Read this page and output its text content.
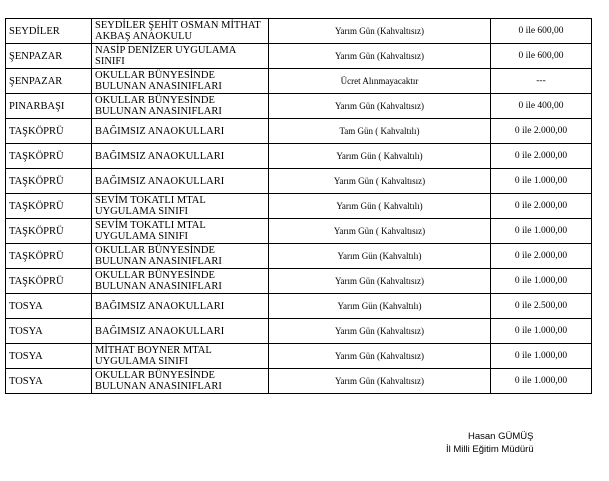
SEYDİLER	SEYDİLER ŞEHİT OSMAN MİTHAT AKBAŞ ANAOKULU	Yarım Gün (Kahvaltısız)	0 ile 600,00
ŞENPAZAR	NASİP DENİZER UYGULAMA SINIFI	Yarım Gün (Kahvaltısız)	0 ile 600,00
ŞENPAZAR	OKULLAR BÜNYESİNDE BULUNAN ANASINIFLARI	Ücret Alınmayacaktır	---
PINARBAŞI	OKULLAR BÜNYESİNDE BULUNAN ANASINIFLARI	Yarım Gün (Kahvaltısız)	0 ile 400,00
TAŞKÖPRÜ	BAĞIMSIZ ANAOKULLARI	Tam Gün ( Kahvaltılı)	0 ile 2.000,00
TAŞKÖPRÜ	BAĞIMSIZ ANAOKULLARI	Yarım Gün ( Kahvaltılı)	0 ile 2.000,00
TAŞKÖPRÜ	BAĞIMSIZ ANAOKULLARI	Yarım Gün ( Kahvaltısız)	0 ile 1.000,00
TAŞKÖPRÜ	SEVİM TOKATLI MTAL UYGULAMA SINIFI	Yarım Gün ( Kahvaltılı)	0 ile 2.000,00
TAŞKÖPRÜ	SEVİM TOKATLI MTAL UYGULAMA SINIFI	Yarım Gün ( Kahvaltısız)	0 ile 1.000,00
TAŞKÖPRÜ	OKULLAR BÜNYESİNDE BULUNAN ANASINIFLARI	Yarım Gün (Kahvaltılı)	0 ile 2.000,00
TAŞKÖPRÜ	OKULLAR BÜNYESİNDE BULUNAN ANASINIFLARI	Yarım Gün (Kahvaltısız)	0 ile 1.000,00
TOSYA	BAĞIMSIZ ANAOKULLARI	Yarım Gün (Kahvaltılı)	0 ile 2.500,00
TOSYA	BAĞIMSIZ ANAOKULLARI	Yarım Gün (Kahvaltısız)	0 ile 1.000,00
TOSYA	MİTHAT BOYNER MTAL UYGULAMA SINIFI	Yarım Gün (Kahvaltısız)	0 ile 1.000,00
TOSYA	OKULLAR BÜNYESİNDE BULUNAN ANASINIFLARI	Yarım Gün (Kahvaltısız)	0 ile 1.000,00
Hasan GÜMÜŞ
İl Milli Eğitim Müdürü
